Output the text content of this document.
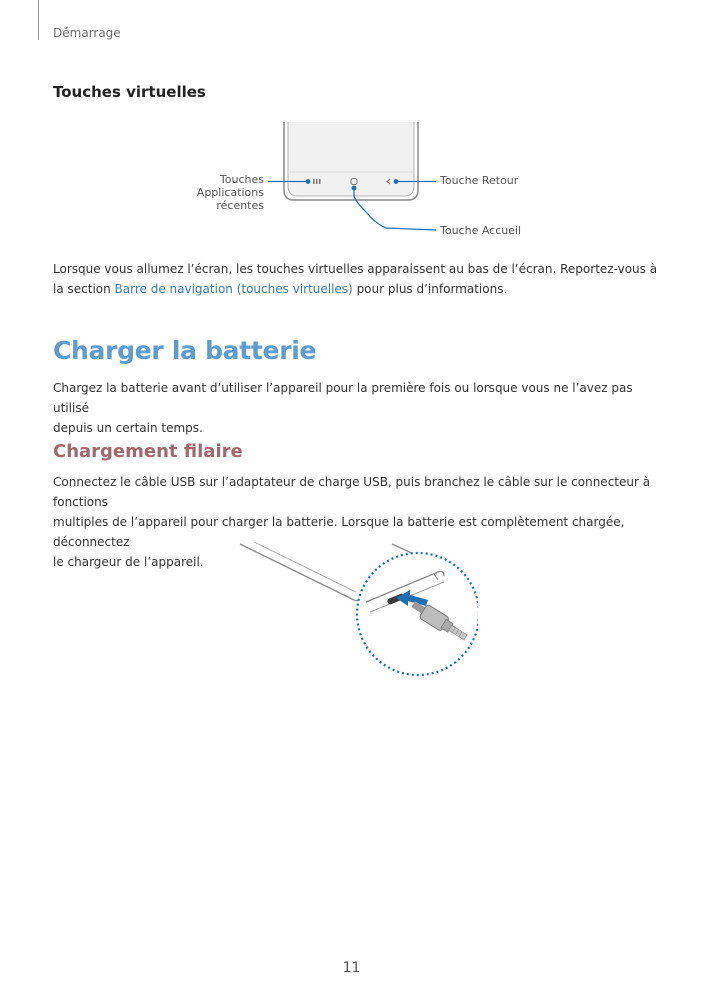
Démarrage
Touches virtuelles
Touches
Applications
récentes
Touche Retour
Touche Accueil

Lorsque vous allumez l’écran, les touches virtuelles apparaissent au bas de l’écran. Reportez-vous à la section Barre de navigation (touches virtuelles) pour plus d’informations.

Charger la batterie

Chargez la batterie avant d’utiliser l’appareil pour la première fois ou lorsque vous ne l’avez pas utilisé
depuis un certain temps.

Chargement filaire

Connectez le câble USB sur l’adaptateur de charge USB, puis branchez le câble sur le connecteur à fonctions
multiples de l’appareil pour charger la batterie. Lorsque la batterie est complètement chargée, déconnectez
le chargeur de l’appareil.

11
